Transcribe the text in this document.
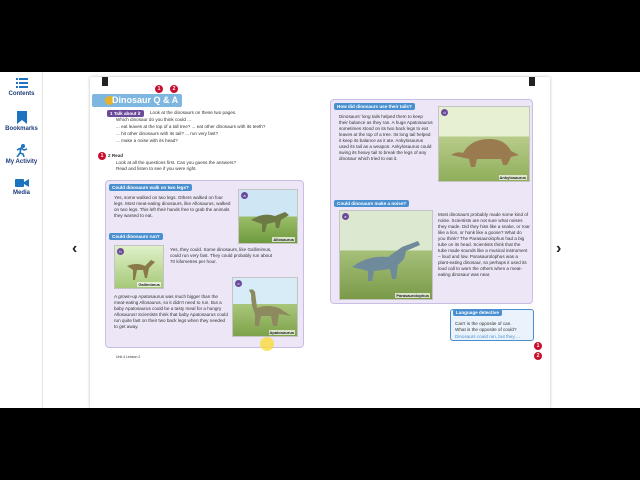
Contents
Bookmarks
My Activity
Media
‹	›
1	2
Dinosaur Q & A
1 Talk about it	Look at the dinosaurs on these two pages.
Which dinosaur do you think could ...
... eat leaves at the top of a tall tree? ... eat other dinosaurs with its teeth?
... hit other dinosaurs with its tail? ... run very fast?
... make a noise with its head?
1	2 Read
Look at all the questions first. Can you guess the answers?
Read and listen to see if you were right.
Could dinosaurs walk on two legs?
Yes, some walked on two legs. Others walked on four legs. Most meat-eating dinosaurs, like Allosaurus, walked on two legs. This left their hands free to grab the animals they wanted to eat.
a
Allosaurus
Could dinosaurs run?
b
Gallimimus
Yes, they could. Some dinosaurs, like Gallimimus, could run very fast. They could probably run about 70 kilometres per hour.
A grown-up Apatosaurus was much bigger than the meat-eating Allosaurus, so it didn't need to run. But a baby Apatosaurus could be a tasty meal for a hungry Allosaurus! Scientists think that baby Apatosaurus could run quite fast on their two back legs when they needed to get away.
c
Apatosaurus
Unit 4 Lesson 2
How did dinosaurs use their tails?
Dinosaurs' long tails helped them to keep their balance as they ran. A huge Apatosaurus sometimes stood on its two back legs to eat leaves at the top of a tree. Its long tail helped it keep its balance as it ate. Ankylosaurus used its tail as a weapon. Ankylosaurus could swing its heavy tail to break the legs of any dinosaur which tried to eat it.
d
Ankylosaurus
Could dinosaurs make a noise?
e
Parasaurolophus
Most dinosaurs probably made some kind of noise. Scientists are not sure what noises they made. Did they hiss like a snake, or roar like a lion, or honk like a goose? What do you think? The Parasaurolophus had a big tube on its head. Scientists think that the tube made sounds like a musical instrument – loud and low. Parasaurolophus was a plant-eating dinosaur, so perhaps it used its loud call to warn the others when a meat-eating dinosaur was near.
Language detective
Can't is the opposite of can.
What is the opposite of could?
Dinosaurs could run, but they ...
1
2
